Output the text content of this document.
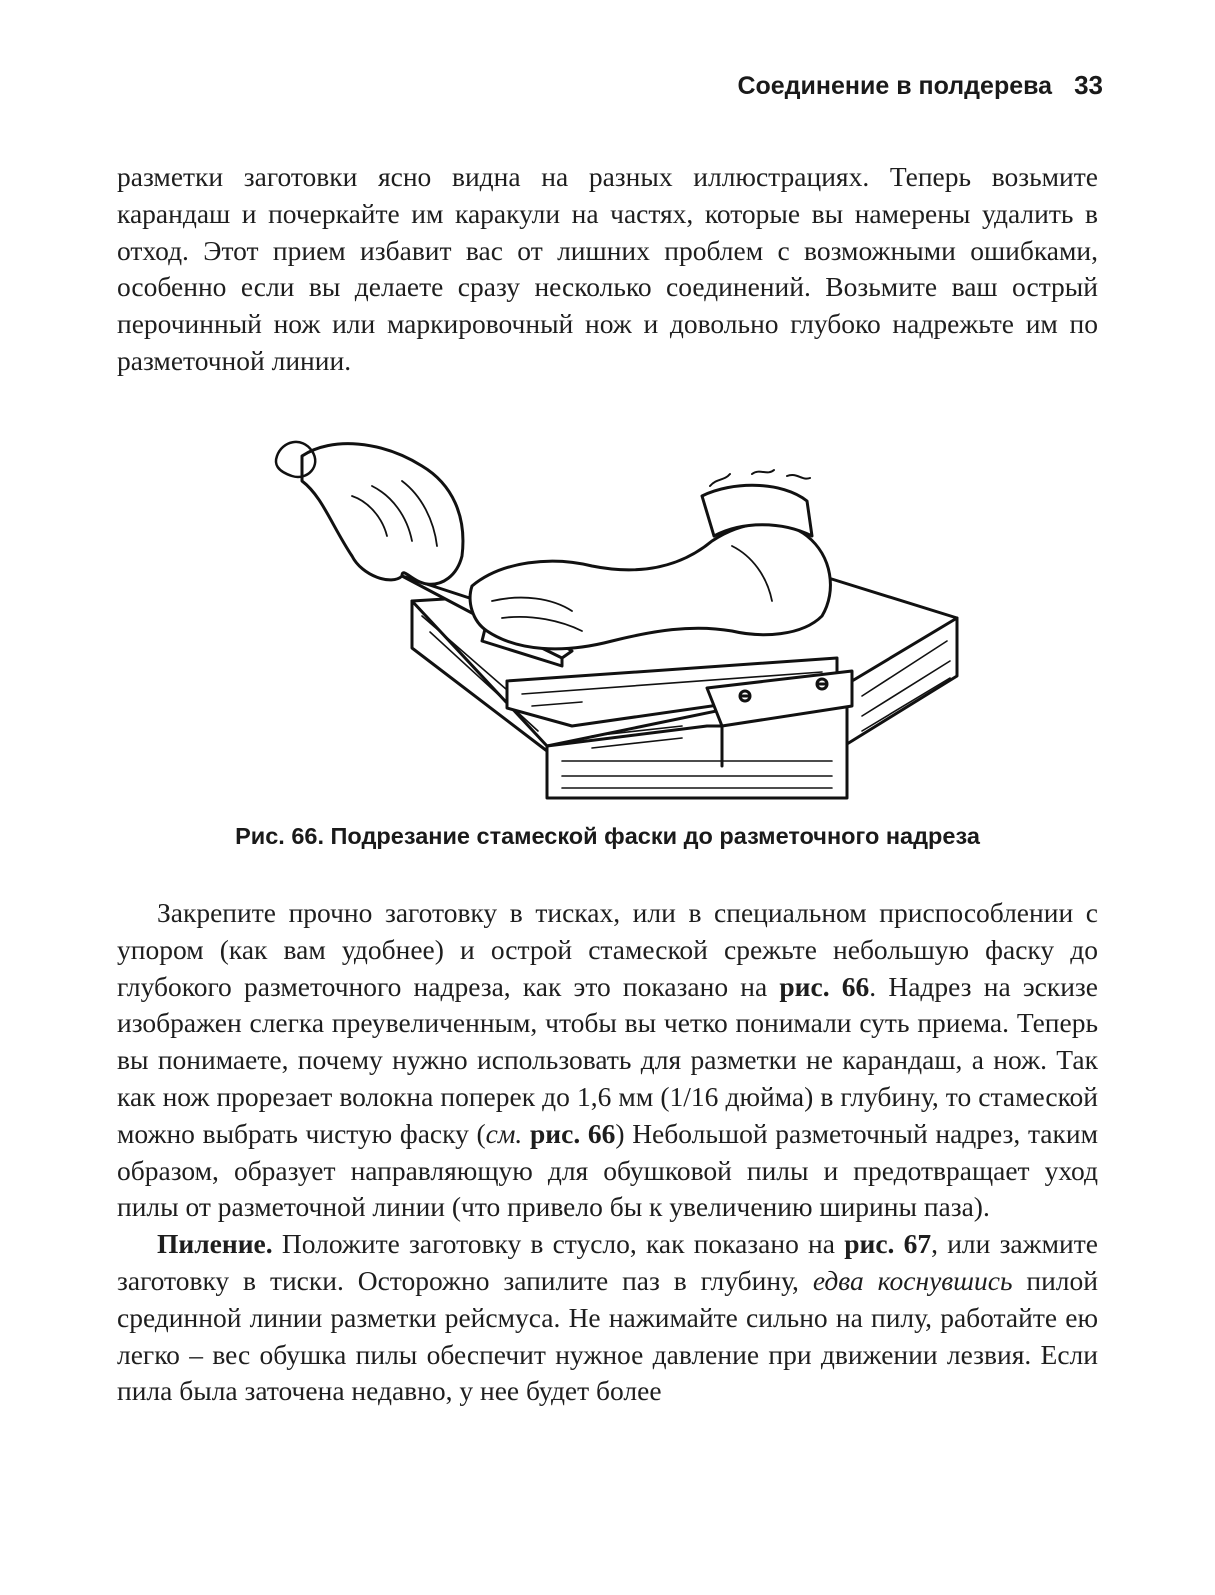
Соединение в полдерева 33

разметки заготовки ясно видна на разных иллюстрациях. Теперь возьмите карандаш и почеркайте им каракули на частях, которые вы намерены удалить в отход. Этот прием избавит вас от лишних проблем с возможными ошибками, особенно если вы делаете сразу несколько соединений. Возьмите ваш острый перочинный нож или маркировочный нож и довольно глубоко надрежьте им по разметочной линии.

Рис. 66. Подрезание стамеской фаски до разметочного надреза

Закрепите прочно заготовку в тисках, или в специальном приспособлении с упором (как вам удобнее) и острой стамеской срежьте небольшую фаску до глубокого разметочного надреза, как это показано на рис. 66. Надрез на эскизе изображен слегка преувеличенным, чтобы вы четко понимали суть приема. Теперь вы понимаете, почему нужно использовать для разметки не карандаш, а нож. Так как нож прорезает волокна поперек до 1,6 мм (1/16 дюйма) в глубину, то стамеской можно выбрать чистую фаску (см. рис. 66) Небольшой разметочный надрез, таким образом, образует направляющую для обушковой пилы и предотвращает уход пилы от разметочной линии (что привело бы к увеличению ширины паза).

Пиление. Положите заготовку в стусло, как показано на рис. 67, или зажмите заготовку в тиски. Осторожно запилите паз в глубину, едва коснувшись пилой срединной линии разметки рейсмуса. Не нажимайте сильно на пилу, работайте ею легко – вес обушка пилы обеспечит нужное давление при движении лезвия. Если пила была заточена недавно, у нее будет более
